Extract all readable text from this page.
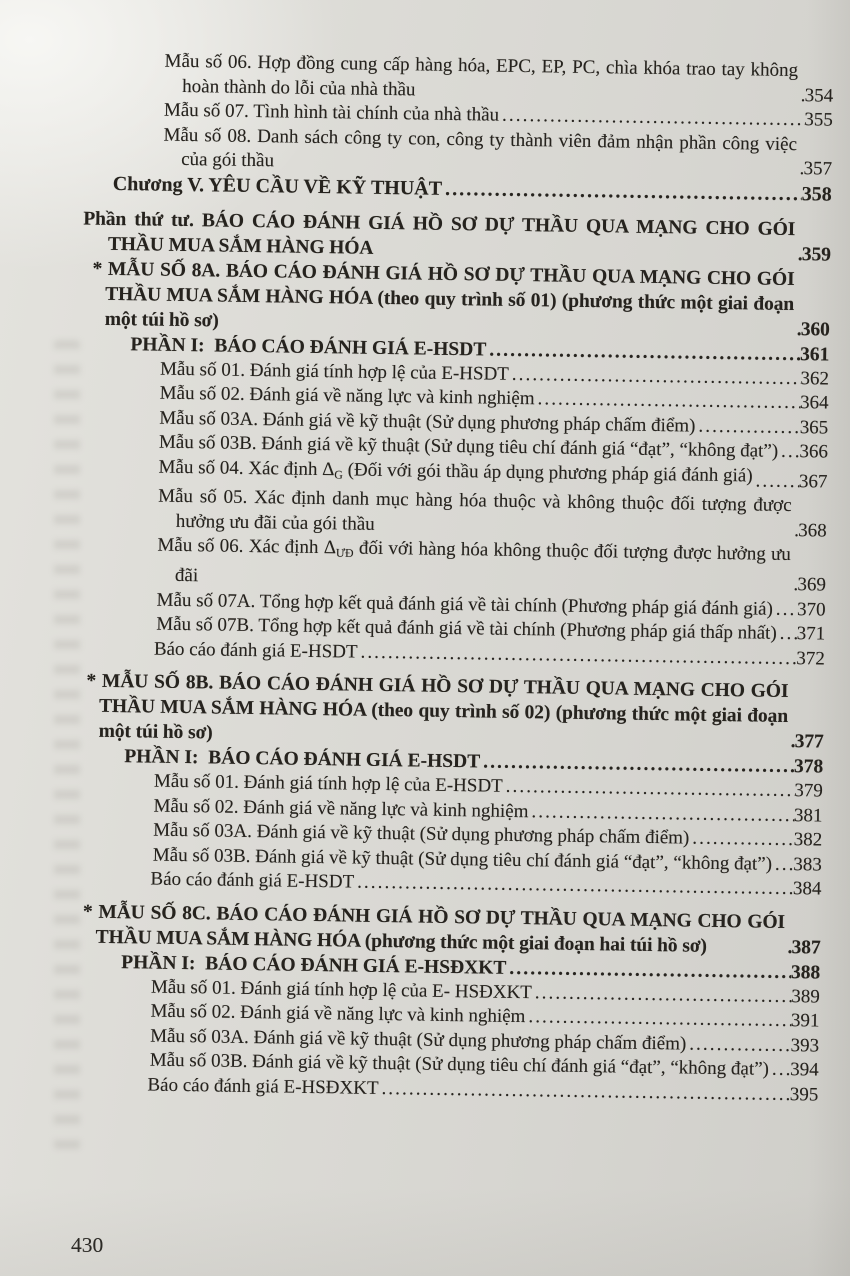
Mẫu số 06. Hợp đồng cung cấp hàng hóa, EPC, EP, PC, chìa khóa trao tay không hoàn thành do lỗi của nhà thầu .....	354
Mẫu số 07. Tình hình tài chính của nhà thầu .....	355
Mẫu số 08. Danh sách công ty con, công ty thành viên đảm nhận phần công việc của gói thầu .....	357
Chương V. YÊU CẦU VỀ KỸ THUẬT .....	358
Phần thứ tư. BÁO CÁO ĐÁNH GIÁ HỒ SƠ DỰ THẦU QUA MẠNG CHO GÓI THẦU MUA SẮM HÀNG HÓA .....	359
* MẪU SỐ 8A. BÁO CÁO ĐÁNH GIÁ HỒ SƠ DỰ THẦU QUA MẠNG CHO GÓI THẦU MUA SẮM HÀNG HÓA (theo quy trình số 01) (phương thức một giai đoạn một túi hồ sơ) .....	360
PHẦN I:  BÁO CÁO ĐÁNH GIÁ E-HSDT .....	361
Mẫu số 01. Đánh giá tính hợp lệ của E-HSDT .....	362
Mẫu số 02. Đánh giá về năng lực và kinh nghiệm .....	364
Mẫu số 03A. Đánh giá về kỹ thuật (Sử dụng phương pháp chấm điểm) .....	365
Mẫu số 03B. Đánh giá về kỹ thuật (Sử dụng tiêu chí đánh giá “đạt”, “không đạt”) ..... 366
Mẫu số 04. Xác định ΔG (Đối với gói thầu áp dụng phương pháp giá đánh giá) ..... 367
Mẫu số 05. Xác định danh mục hàng hóa thuộc và không thuộc đối tượng được hưởng ưu đãi của gói thầu .....	368
Mẫu số 06. Xác định ΔƯĐ đối với hàng hóa không thuộc đối tượng được hưởng ưu đãi .....	369
Mẫu số 07A. Tổng hợp kết quả đánh giá về tài chính (Phương pháp giá đánh giá) ..... 370
Mẫu số 07B. Tổng hợp kết quả đánh giá về tài chính (Phương pháp giá thấp nhất) ..... 371
Báo cáo đánh giá E-HSDT .....	372
* MẪU SỐ 8B. BÁO CÁO ĐÁNH GIÁ HỒ SƠ DỰ THẦU QUA MẠNG CHO GÓI THẦU MUA SẮM HÀNG HÓA (theo quy trình số 02) (phương thức một giai đoạn một túi hồ sơ) .....	377
PHẦN I:  BÁO CÁO ĐÁNH GIÁ E-HSDT .....	378
Mẫu số 01. Đánh giá tính hợp lệ của E-HSDT .....	379
Mẫu số 02. Đánh giá về năng lực và kinh nghiệm .....	381
Mẫu số 03A. Đánh giá về kỹ thuật (Sử dụng phương pháp chấm điểm) .....	382
Mẫu số 03B. Đánh giá về kỹ thuật (Sử dụng tiêu chí đánh giá “đạt”, “không đạt”) ..... 383
Báo cáo đánh giá E-HSDT .....	384
* MẪU SỐ 8C. BÁO CÁO ĐÁNH GIÁ HỒ SƠ DỰ THẦU QUA MẠNG CHO GÓI THẦU MUA SẮM HÀNG HÓA (phương thức một giai đoạn hai túi hồ sơ) .....	387
PHẦN I:  BÁO CÁO ĐÁNH GIÁ E-HSĐXKT .....	388
Mẫu số 01. Đánh giá tính hợp lệ của E- HSĐXKT .....	389
Mẫu số 02. Đánh giá về năng lực và kinh nghiệm .....	391
Mẫu số 03A. Đánh giá về kỹ thuật (Sử dụng phương pháp chấm điểm) .....	393
Mẫu số 03B. Đánh giá về kỹ thuật (Sử dụng tiêu chí đánh giá “đạt”, “không đạt”) ..... 394
Báo cáo đánh giá E-HSĐXKT .....	395
430
